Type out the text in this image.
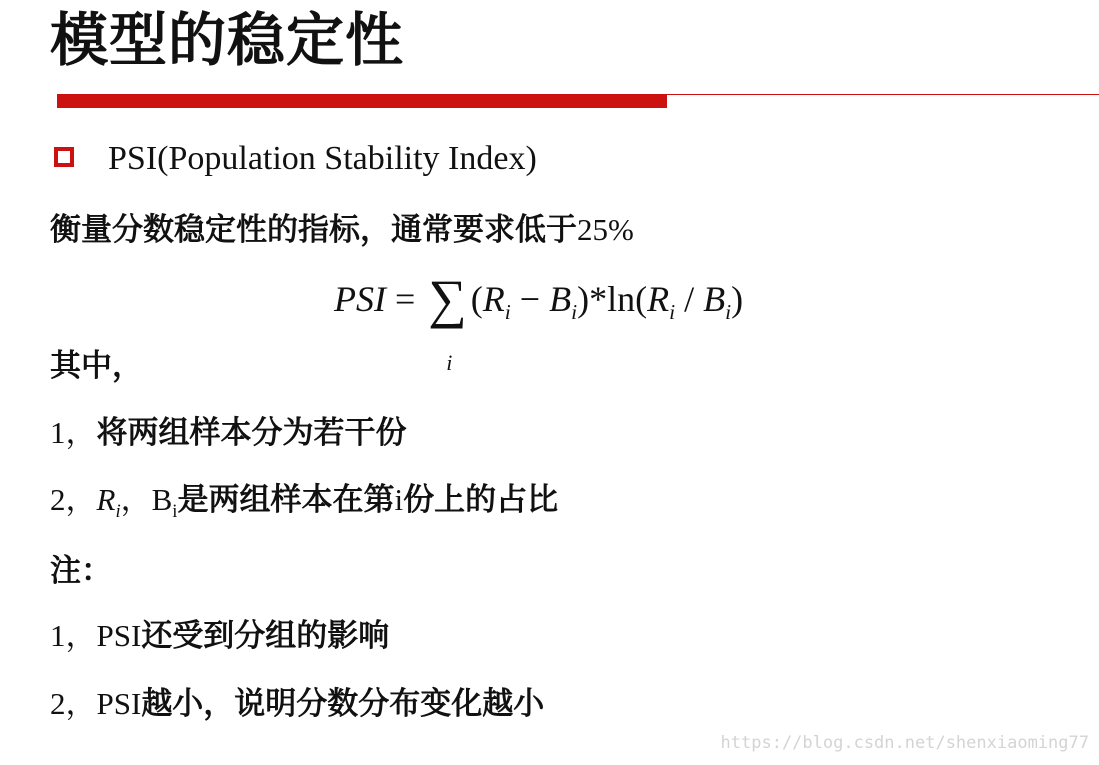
模型的稳定性
PSI(Population Stability Index)
衡量分数稳定性的指标，通常要求低于25%
PSI = ∑
i
$(R_i - B_i)*\ln(R_i / B_i)$
其中，
1，将两组样本分为若干份
2，$R_i$，$B_i$是两组样本在第i份上的占比
注：
1，PSI还受到分组的影响
2，PSI越小，说明分数分布变化越小
https://blog.csdn.net/shenxiaoming77
